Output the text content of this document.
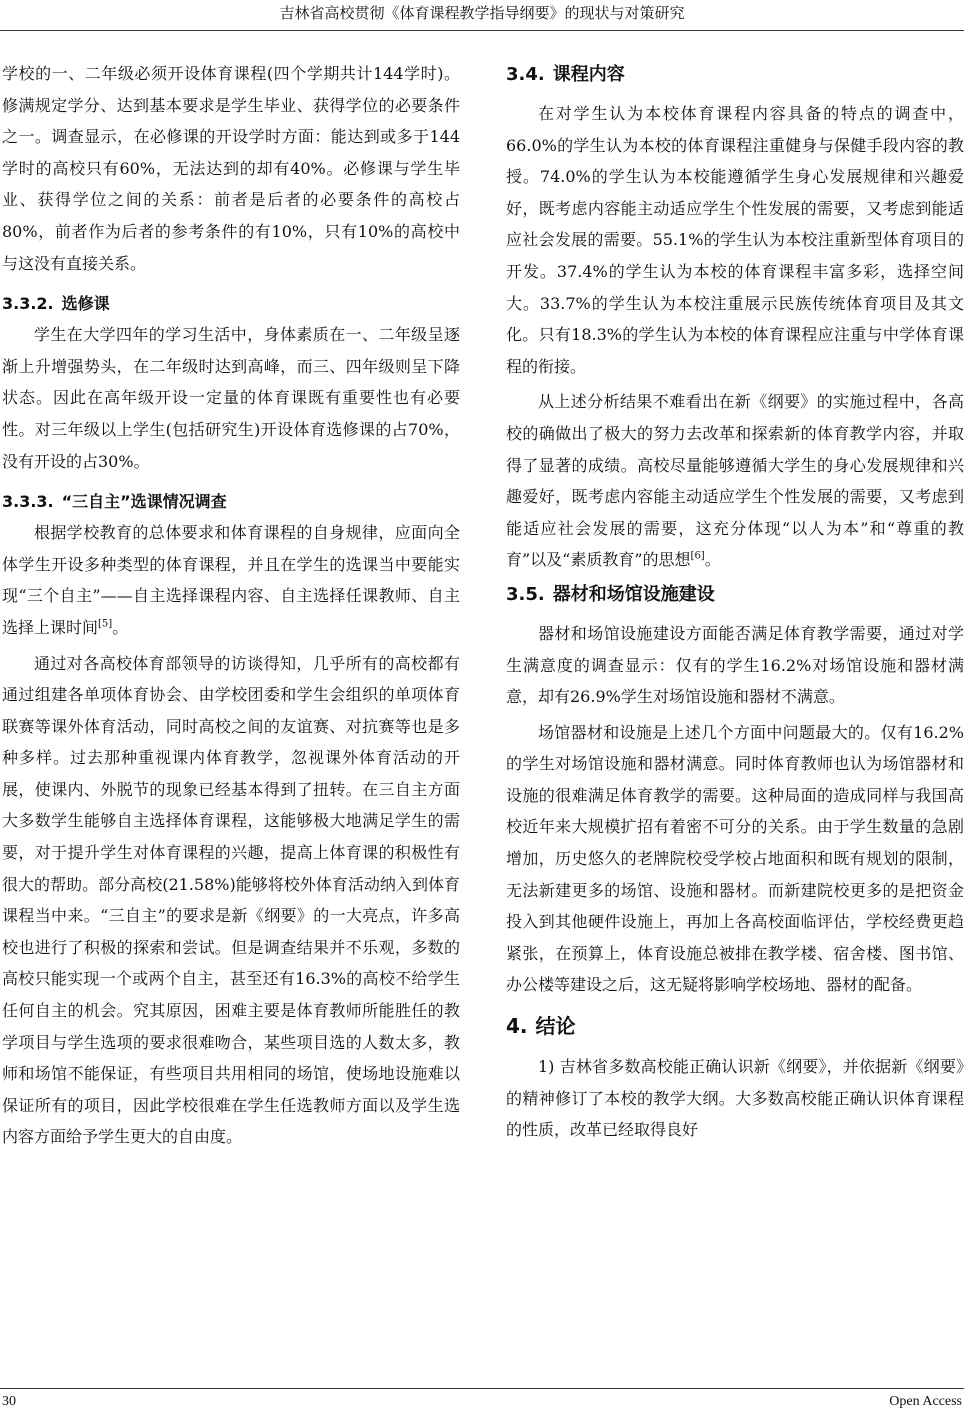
吉林省高校贯彻《体育课程教学指导纲要》的现状与对策研究

学校的一、二年级必须开设体育课程(四个学期共计144学时)。修满规定学分、达到基本要求是学生毕业、获得学位的必要条件之一。调查显示，在必修课的开设学时方面：能达到或多于144学时的高校只有60%，无法达到的却有40%。必修课与学生毕业、获得学位之间的关系：前者是后者的必要条件的高校占80%，前者作为后者的参考条件的有10%，只有10%的高校中与这没有直接关系。

3.3.2. 选修课

学生在大学四年的学习生活中，身体素质在一、二年级呈逐渐上升增强势头，在二年级时达到高峰，而三、四年级则呈下降状态。因此在高年级开设一定量的体育课既有重要性也有必要性。对三年级以上学生(包括研究生)开设体育选修课的占70%，没有开设的占30%。

3.3.3. “三自主”选课情况调查

根据学校教育的总体要求和体育课程的自身规律，应面向全体学生开设多种类型的体育课程，并且在学生的选课当中要能实现“三个自主”——自主选择课程内容、自主选择任课教师、自主选择上课时间[5]。

通过对各高校体育部领导的访谈得知，几乎所有的高校都有通过组建各单项体育协会、由学校团委和学生会组织的单项体育联赛等课外体育活动，同时高校之间的友谊赛、对抗赛等也是多种多样。过去那种重视课内体育教学，忽视课外体育活动的开展，使课内、外脱节的现象已经基本得到了扭转。在三自主方面大多数学生能够自主选择体育课程，这能够极大地满足学生的需要，对于提升学生对体育课程的兴趣，提高上体育课的积极性有很大的帮助。部分高校(21.58%)能够将校外体育活动纳入到体育课程当中来。“三自主”的要求是新《纲要》的一大亮点，许多高校也进行了积极的探索和尝试。但是调查结果并不乐观，多数的高校只能实现一个或两个自主，甚至还有16.3%的高校不给学生任何自主的机会。究其原因，困难主要是体育教师所能胜任的教学项目与学生选项的要求很难吻合，某些项目选的人数太多，教师和场馆不能保证，有些项目共用相同的场馆，使场地设施难以保证所有的项目，因此学校很难在学生任选教师方面以及学生选内容方面给予学生更大的自由度。

3.4. 课程内容

在对学生认为本校体育课程内容具备的特点的调查中，66.0%的学生认为本校的体育课程注重健身与保健手段内容的教授。74.0%的学生认为本校能遵循学生身心发展规律和兴趣爱好，既考虑内容能主动适应学生个性发展的需要，又考虑到能适应社会发展的需要。55.1%的学生认为本校注重新型体育项目的开发。37.4%的学生认为本校的体育课程丰富多彩，选择空间大。33.7%的学生认为本校注重展示民族传统体育项目及其文化。只有18.3%的学生认为本校的体育课程应注重与中学体育课程的衔接。

从上述分析结果不难看出在新《纲要》的实施过程中，各高校的确做出了极大的努力去改革和探索新的体育教学内容，并取得了显著的成绩。高校尽量能够遵循大学生的身心发展规律和兴趣爱好，既考虑内容能主动适应学生个性发展的需要，又考虑到能适应社会发展的需要，这充分体现“以人为本”和“尊重的教育”以及“素质教育”的思想[6]。

3.5. 器材和场馆设施建设

器材和场馆设施建设方面能否满足体育教学需要，通过对学生满意度的调查显示：仅有的学生16.2%对场馆设施和器材满意，却有26.9%学生对场馆设施和器材不满意。

场馆器材和设施是上述几个方面中问题最大的。仅有16.2%的学生对场馆设施和器材满意。同时体育教师也认为场馆器材和设施的很难满足体育教学的需要。这种局面的造成同样与我国高校近年来大规模扩招有着密不可分的关系。由于学生数量的急剧增加，历史悠久的老牌院校受学校占地面积和既有规划的限制，无法新建更多的场馆、设施和器材。而新建院校更多的是把资金投入到其他硬件设施上，再加上各高校面临评估，学校经费更趋紧张，在预算上，体育设施总被排在教学楼、宿舍楼、图书馆、办公楼等建设之后，这无疑将影响学校场地、器材的配备。

4. 结论

1) 吉林省多数高校能正确认识新《纲要》，并依据新《纲要》的精神修订了本校的教学大纲。大多数高校能正确认识体育课程的性质，改革已经取得良好

30	Open Access
